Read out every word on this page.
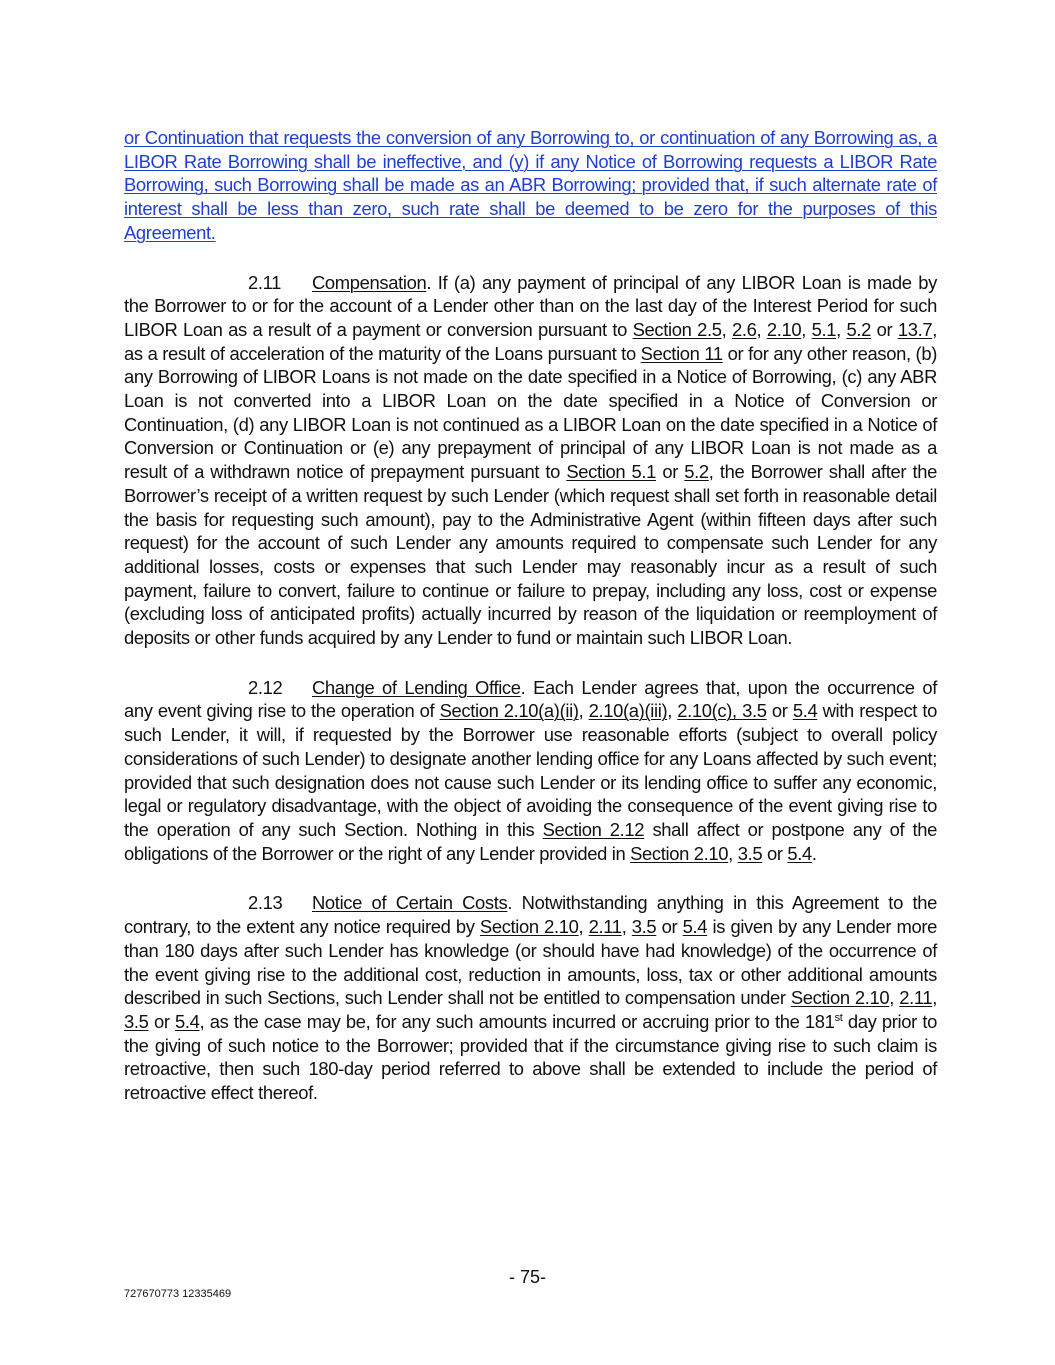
or Continuation that requests the conversion of any Borrowing to, or continuation of any Borrowing as, a LIBOR Rate Borrowing shall be ineffective, and (y) if any Notice of Borrowing requests a LIBOR Rate Borrowing, such Borrowing shall be made as an ABR Borrowing; provided that, if such alternate rate of interest shall be less than zero, such rate shall be deemed to be zero for the purposes of this Agreement.

2.11 Compensation. If (a) any payment of principal of any LIBOR Loan is made by the Borrower to or for the account of a Lender other than on the last day of the Interest Period for such LIBOR Loan as a result of a payment or conversion pursuant to Section 2.5, 2.6, 2.10, 5.1, 5.2 or 13.7, as a result of acceleration of the maturity of the Loans pursuant to Section 11 or for any other reason, (b) any Borrowing of LIBOR Loans is not made on the date specified in a Notice of Borrowing, (c) any ABR Loan is not converted into a LIBOR Loan on the date specified in a Notice of Conversion or Continuation, (d) any LIBOR Loan is not continued as a LIBOR Loan on the date specified in a Notice of Conversion or Continuation or (e) any prepayment of principal of any LIBOR Loan is not made as a result of a withdrawn notice of prepayment pursuant to Section 5.1 or 5.2, the Borrower shall after the Borrower’s receipt of a written request by such Lender (which request shall set forth in reasonable detail the basis for requesting such amount), pay to the Administrative Agent (within fifteen days after such request) for the account of such Lender any amounts required to compensate such Lender for any additional losses, costs or expenses that such Lender may reasonably incur as a result of such payment, failure to convert, failure to continue or failure to prepay, including any loss, cost or expense (excluding loss of anticipated profits) actually incurred by reason of the liquidation or reemployment of deposits or other funds acquired by any Lender to fund or maintain such LIBOR Loan.

2.12 Change of Lending Office. Each Lender agrees that, upon the occurrence of any event giving rise to the operation of Section 2.10(a)(ii), 2.10(a)(iii), 2.10(c), 3.5 or 5.4 with respect to such Lender, it will, if requested by the Borrower use reasonable efforts (subject to overall policy considerations of such Lender) to designate another lending office for any Loans affected by such event; provided that such designation does not cause such Lender or its lending office to suffer any economic, legal or regulatory disadvantage, with the object of avoiding the consequence of the event giving rise to the operation of any such Section. Nothing in this Section 2.12 shall affect or postpone any of the obligations of the Borrower or the right of any Lender provided in Section 2.10, 3.5 or 5.4.

2.13 Notice of Certain Costs. Notwithstanding anything in this Agreement to the contrary, to the extent any notice required by Section 2.10, 2.11, 3.5 or 5.4 is given by any Lender more than 180 days after such Lender has knowledge (or should have had knowledge) of the occurrence of the event giving rise to the additional cost, reduction in amounts, loss, tax or other additional amounts described in such Sections, such Lender shall not be entitled to compensation under Section 2.10, 2.11, 3.5 or 5.4, as the case may be, for any such amounts incurred or accruing prior to the 181st day prior to the giving of such notice to the Borrower; provided that if the circumstance giving rise to such claim is retroactive, then such 180-day period referred to above shall be extended to include the period of retroactive effect thereof.

- 75-
727670773 12335469
